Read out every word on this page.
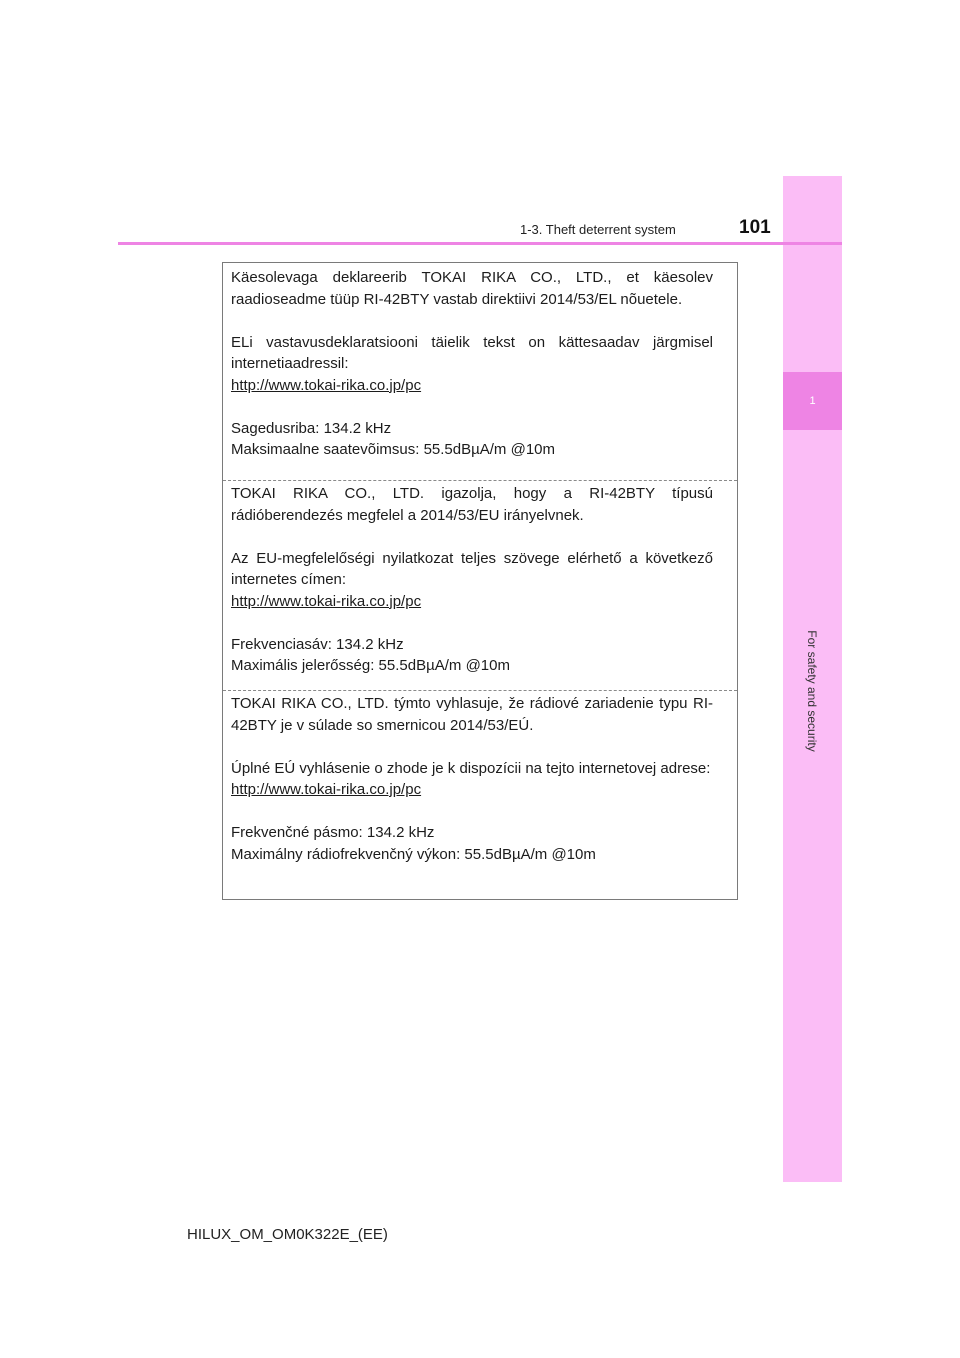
1
For safety and security
1-3. Theft deterrent system	101

Käesolevaga deklareerib TOKAI RIKA CO., LTD., et käesolev raadioseadme tüüp RI-42BTY vastab direktiivi 2014/53/EL nõuetele.

ELi vastavusdeklaratsiooni täielik tekst on kättesaadav järgmisel internetiaadressil:

http://www.tokai-rika.co.jp/pc

Sagedusriba: 134.2 kHz

Maksimaalne saatevõimsus: 55.5dBµA/m @10m

TOKAI RIKA CO., LTD. igazolja, hogy a RI-42BTY típusú rádióberendezés megfelel a 2014/53/EU irányelvnek.

Az EU-megfelelőségi nyilatkozat teljes szövege elérhető a következő internetes címen:

http://www.tokai-rika.co.jp/pc

Frekvenciasáv: 134.2 kHz

Maximális jelerősség: 55.5dBµA/m @10m

TOKAI RIKA CO., LTD. týmto vyhlasuje, že rádiové zariadenie typu RI-42BTY je v súlade so smernicou 2014/53/EÚ.

Úplné EÚ vyhlásenie o zhode je k dispozícii na tejto internetovej adrese:

http://www.tokai-rika.co.jp/pc

Frekvenčné pásmo: 134.2 kHz

Maximálny rádiofrekvenčný výkon: 55.5dBµA/m @10m

HILUX_OM_OM0K322E_(EE)
